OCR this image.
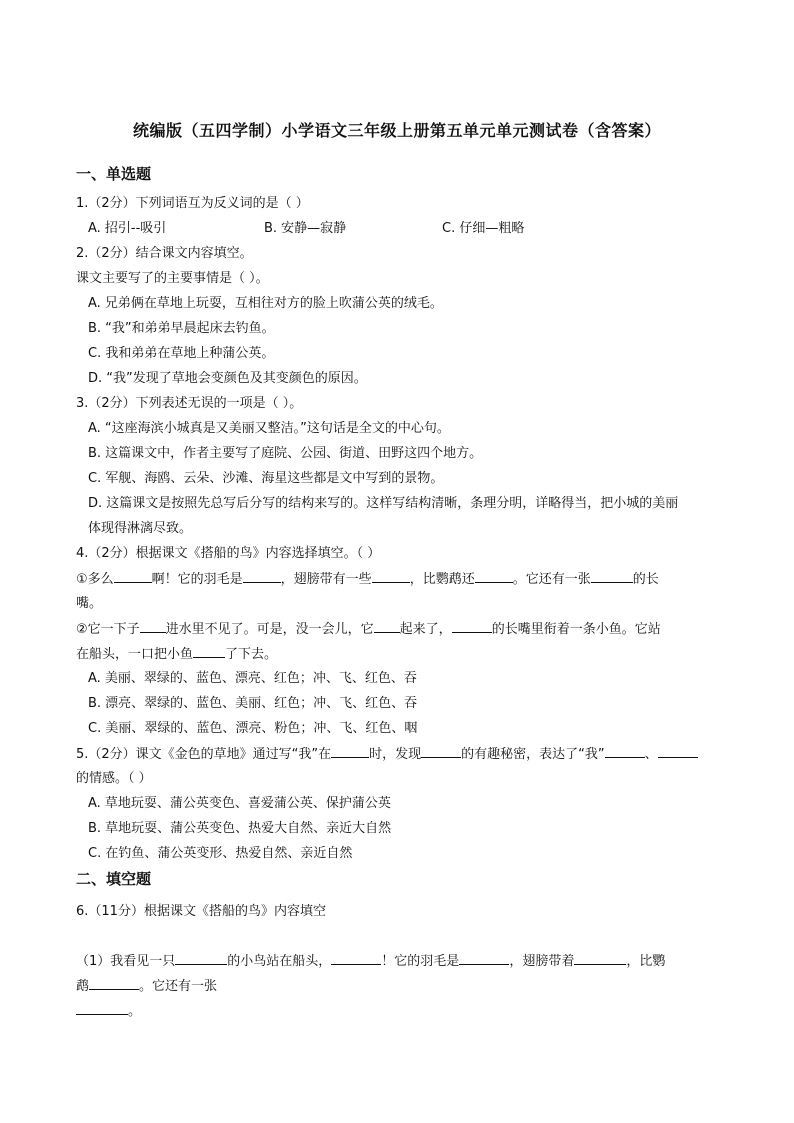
统编版（五四学制）小学语文三年级上册第五单元单元测试卷（含答案）
一、单选题
1.（2分）下列词语互为反义词的是（ ）
A. 招引--吸引	B. 安静—寂静	C. 仔细—粗略
2.（2分）结合课文内容填空。
课文主要写了的主要事情是（ ）。
A. 兄弟俩在草地上玩耍，互相往对方的脸上吹蒲公英的绒毛。
B. “我”和弟弟早晨起床去钓鱼。
C. 我和弟弟在草地上种蒲公英。
D. “我”发现了草地会变颜色及其变颜色的原因。
3.（2分）下列表述无误的一项是（ ）。
A. “这座海滨小城真是又美丽又整洁。”这句话是全文的中心句。
B. 这篇课文中，作者主要写了庭院、公园、街道、田野这四个地方。
C. 军舰、海鸥、云朵、沙滩、海星这些都是文中写到的景物。
D. 这篇课文是按照先总写后分写的结构来写的。这样写结构清晰，条理分明，详略得当，把小城的美丽
体现得淋漓尽致。
4.（2分）根据课文《搭船的鸟》内容选择填空。（ ）
①多么	啊！它的羽毛是	，翅膀带有一些	，比鹦鹉还	。它还有一张	的长
嘴。
②它一下子 进水里不见了。可是，没一会儿，它 起来了，	的长嘴里衔着一条小鱼。它站
在船头，一口把小鱼 了下去。
A. 美丽、翠绿的、蓝色、漂亮、红色；冲、飞、红色、吞
B. 漂亮、翠绿的、蓝色、美丽、红色；冲、飞、红色、吞
C. 美丽、翠绿的、蓝色、漂亮、粉色；冲、飞、红色、咽
5.（2分）课文《金色的草地》通过写“我”在	时，发现	的有趣秘密，表达了“我”	、
的情感。（ ）
A. 草地玩耍、蒲公英变色、喜爱蒲公英、保护蒲公英
B. 草地玩耍、蒲公英变色、热爱大自然、亲近大自然
C. 在钓鱼、蒲公英变形、热爱自然、亲近自然
二、填空题
6.（11分）根据课文《搭船的鸟》内容填空
（1）我看见一只	的小鸟站在船头，	！它的羽毛是	，翅膀带着	，比鹦
鹉	。它还有一张
。
